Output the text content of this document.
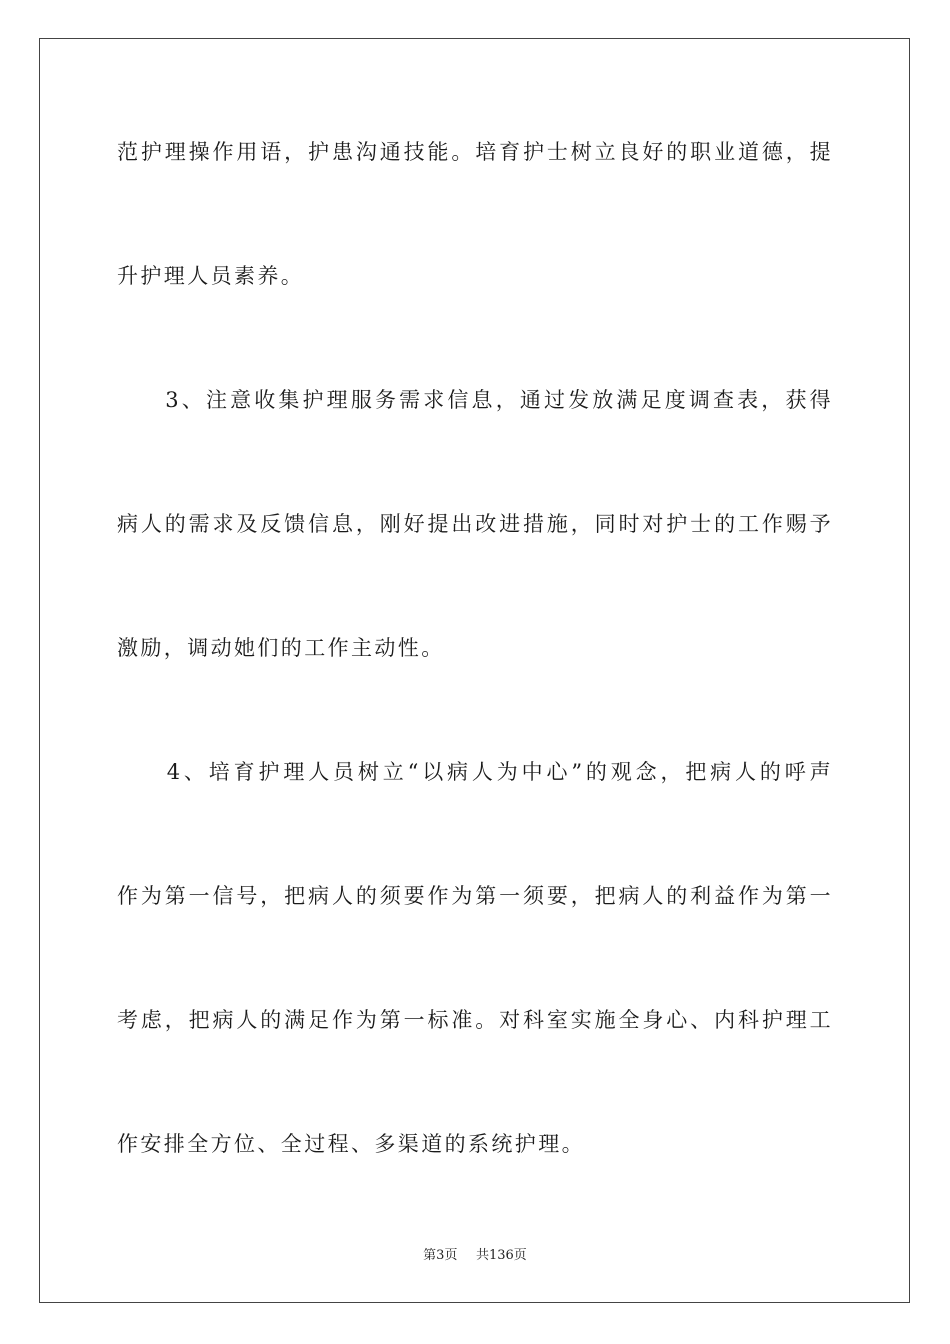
范护理操作用语，护患沟通技能。培育护士树立良好的职业道德，提
升护理人员素养。
　　3、注意收集护理服务需求信息，通过发放满足度调查表，获得
病人的需求及反馈信息，刚好提出改进措施，同时对护士的工作赐予
激励，调动她们的工作主动性。
　　4、培育护理人员树立“以病人为中心”的观念，把病人的呼声
作为第一信号，把病人的须要作为第一须要，把病人的利益作为第一
考虑，把病人的满足作为第一标准。对科室实施全身心、内科护理工
作安排全方位、全过程、多渠道的系统护理。
第3页 共136页
